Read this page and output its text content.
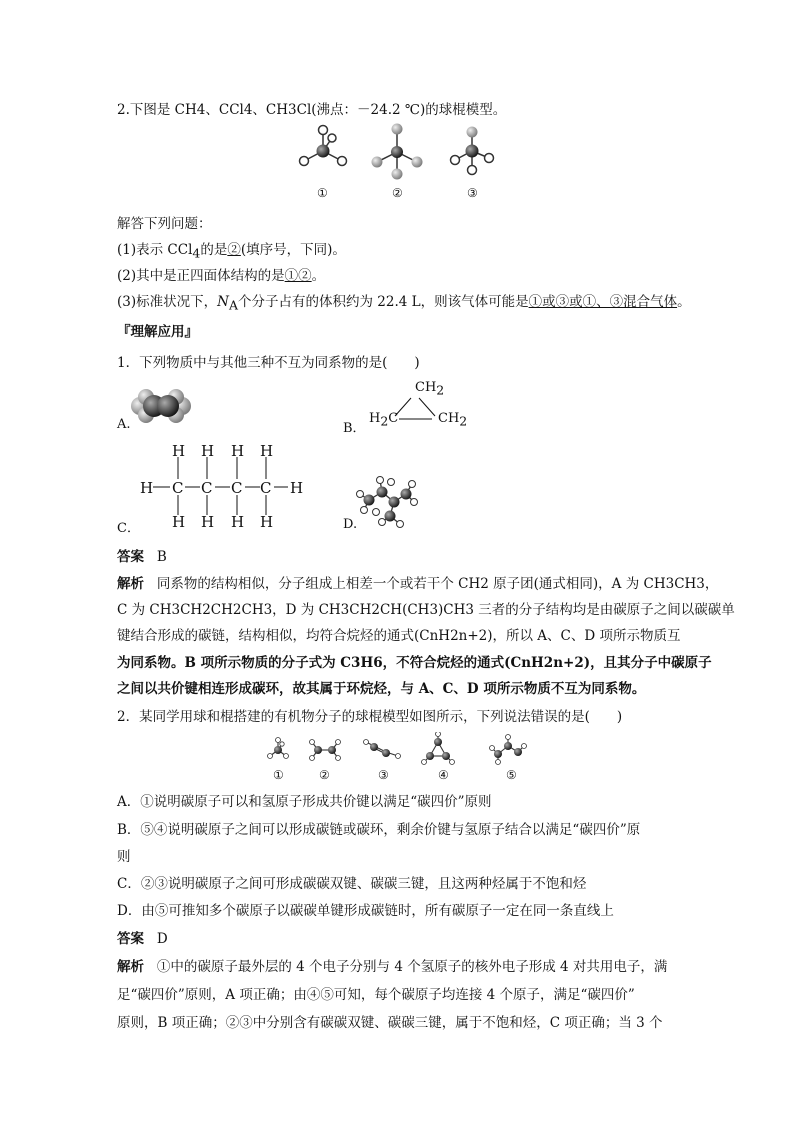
2.下图是 CH4、CCl4、CH3Cl(沸点：－24.2 ℃)的球棍模型。
①	②	③
解答下列问题：
(1)表示 CCl$_4$的是②(填序号，下同)。
(2)其中是正四面体结构的是①②。
(3)标准状况下，$N_A$个分子占有的体积约为 22.4 L，则该气体可能是①或③或①、③混合气体。
『理解应用』
1．下列物质中与其他三种不互为同系物的是(　　)
A.	B．
$CH_2$
$H_2C$	$CH_2$
C．
H	H
C C C C
H H H H
H H H H	D.
答案 B
解析 同系物的结构相似，分子组成上相差一个或若干个 CH2 原子团(通式相同)，A 为 CH3CH3，
C 为 CH3CH2CH2CH3，D 为 CH3CH2CH(CH3)CH3 三者的分子结构均是由碳原子之间以碳碳单
键结合形成的碳链，结构相似，均符合烷烃的通式(CnH2n+2)，所以 A、C、D 项所示物质互
为同系物。B 项所示物质的分子式为 C3H6，不符合烷烃的通式(CnH2n+2)，且其分子中碳原子
之间以共价键相连形成碳环，故其属于环烷烃，与 A、C、D 项所示物质不互为同系物。
2．某同学用球和棍搭建的有机物分子的球棍模型如图所示，下列说法错误的是(　　)
①	②	③	④	⑤
A．①说明碳原子可以和氢原子形成共价键以满足“碳四价”原则
B．⑤④说明碳原子之间可以形成碳链或碳环，剩余价键与氢原子结合以满足“碳四价”原
则
C．②③说明碳原子之间可形成碳碳双键、碳碳三键，且这两种烃属于不饱和烃
D．由⑤可推知多个碳原子以碳碳单键形成碳链时，所有碳原子一定在同一条直线上
答案 D
解析 ①中的碳原子最外层的 4 个电子分别与 4 个氢原子的核外电子形成 4 对共用电子，满
足“碳四价”原则，A 项正确；由④⑤可知，每个碳原子均连接 4 个原子，满足“碳四价”
原则，B 项正确；②③中分别含有碳碳双键、碳碳三键，属于不饱和烃，C 项正确；当 3 个
